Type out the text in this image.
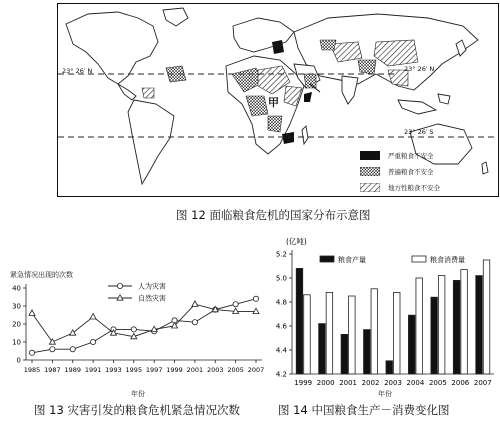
23° 26′ N	23° 26′ N
23° 26′ S
甲
严重粮食不安全
普遍粮食不安全
地方性粮食不安全
图 12 面临粮食危机的国家分布示意图
紧急情况出现的次数
0
10
20
30
40
1985 1987 1989 1991 1993 1995 1997 1999 2001 2003 2005 2007
人为灾害
自然灾害
年份
图 13 灾害引发的粮食危机紧急情况次数
(亿吨)
4.2
4.4
4.6
4.8
5.0
5.2
1999 2000 2001 2002 2003 2004 2005 2006 2007
粮食产量	粮食消费量
年份
图 14 中国粮食生产－消费变化图
